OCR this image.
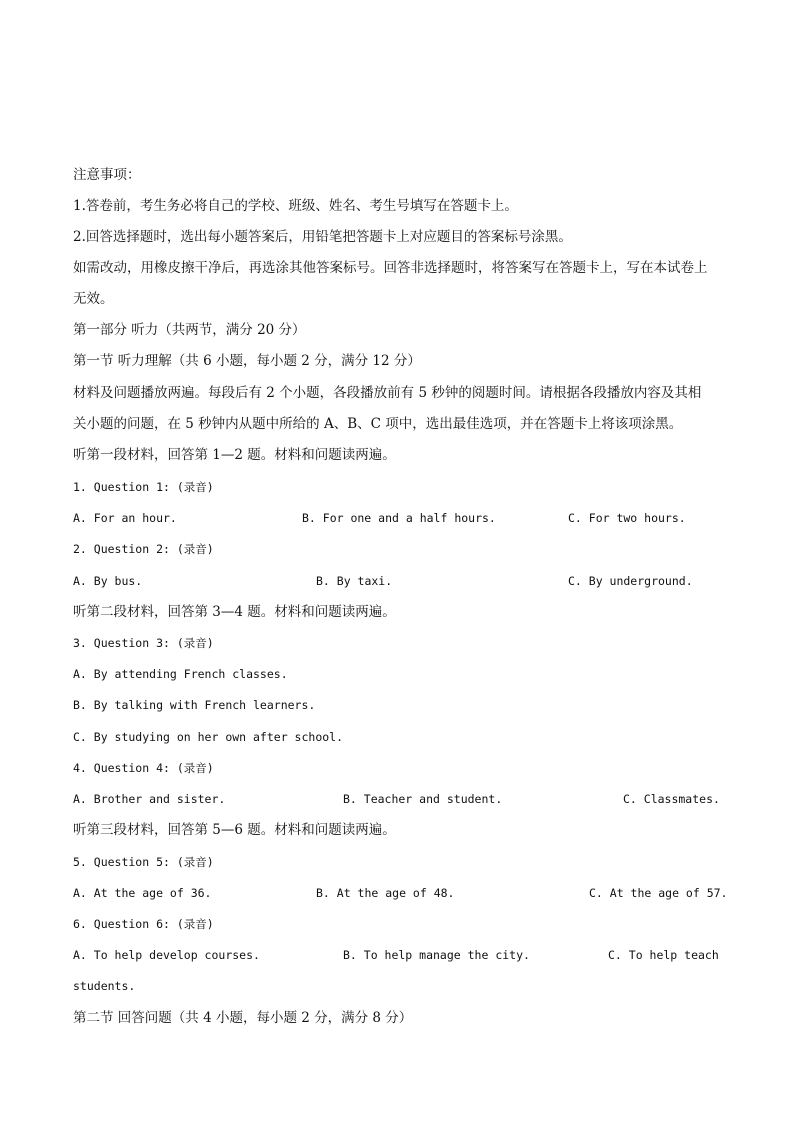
注意事项：
1.答卷前，考生务必将自己的学校、班级、姓名、考生号填写在答题卡上。
2.回答选择题时，选出每小题答案后，用铅笔把答题卡上对应题目的答案标号涂黑。
如需改动，用橡皮擦干净后，再选涂其他答案标号。回答非选择题时，将答案写在答题卡上，写在本试卷上
无效。
第一部分 听力（共两节，满分 20 分）
第一节 听力理解（共 6 小题，每小题 2 分，满分 12 分）
材料及问题播放两遍。每段后有 2 个小题，各段播放前有 5 秒钟的阅题时间。请根据各段播放内容及其相
关小题的问题，在 5 秒钟内从题中所给的 A、B、C 项中，选出最佳选项，并在答题卡上将该项涂黑。
听第一段材料，回答第 1—2 题。材料和问题读两遍。
1. Question 1: (录音)
A. For an hour.	B. For one and a half hours.	C. For two hours.
2. Question 2: (录音)
A. By bus.	B. By taxi.	C. By underground.
听第二段材料，回答第 3—4 题。材料和问题读两遍。
3. Question 3: (录音)
A. By attending French classes.
B. By talking with French learners.
C. By studying on her own after school.
4. Question 4: (录音)
A. Brother and sister.	B. Teacher and student.	C. Classmates.
听第三段材料，回答第 5—6 题。材料和问题读两遍。
5. Question 5: (录音)
A. At the age of 36.	B. At the age of 48.	C. At the age of 57.
6. Question 6: (录音)
A. To help develop courses.	B. To help manage the city.	C. To help teach
students.
第二节 回答问题（共 4 小题，每小题 2 分，满分 8 分）
